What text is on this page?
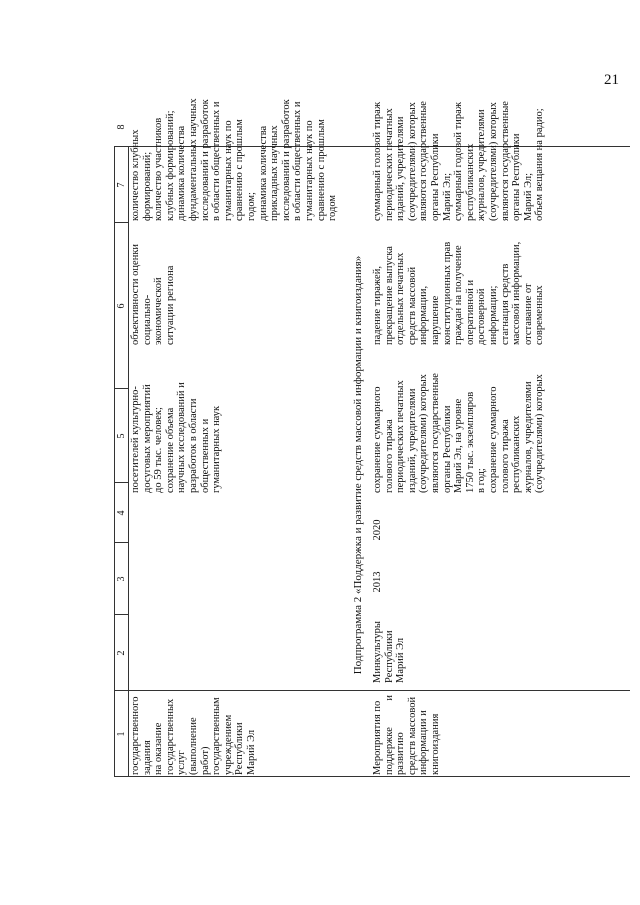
21
1
2
3
4
5
6
7
8
государственного задания
на оказание
государственных услуг
(выполнение работ)
государственным
учреждением Республики
Марий Эл
посетителей культурно-
досуговых мероприятий
до 59 тыс. человек;
сохранение объема
научных исследований и
разработок в области
общественных и
гуманитарных наук
объективности оценки
социально-
экономической
ситуации региона
количество клубных
формирований;
количество участников
клубных формирований;
динамика количества
фундаментальных научных
исследований и разработок
в области общественных и
гуманитарных наук по
сравнению с прошлым
годом;
динамика количества
прикладных научных
исследований и разработок
в области общественных и
гуманитарных наук по
сравнению с прошлым
годом
Подпрограмма 2 «Поддержка и развитие средств массовой информации и книгоиздания»
Мероприятия по
поддержке и развитию
средств массовой
информации и
книгоиздания
Минкультуры
Республики
Марий Эл
2013
2020
сохранение суммарного
голового тиража
периодических печатных
изданий, учредителями
(соучредителями) которых
являются государственные
органы Республики
Марий Эл, на уровне
1750 тыс. экземпляров
в год;
сохранение суммарного
голового тиража
республиканских
журналов, учредителями
(соучредителями) которых
падение тиражей,
прекращение выпуска
отдельных печатных
средств массовой
информации,
нарушение
конституционных прав
граждан на получение
оперативной и
достоверной
информации;
стагнация средств
массовой информации,
отставание от
современных
суммарный головой тираж
периодических печатных
изданий, учредителями
(соучредителями) которых
являются государственные
органы Республики
Марий Эл;
суммарный годовой тираж
республиканских
журналов, учредителями
(соучредителями) которых
являются государственные
органы Республики
Марий Эл;
объем вещания на радио;
